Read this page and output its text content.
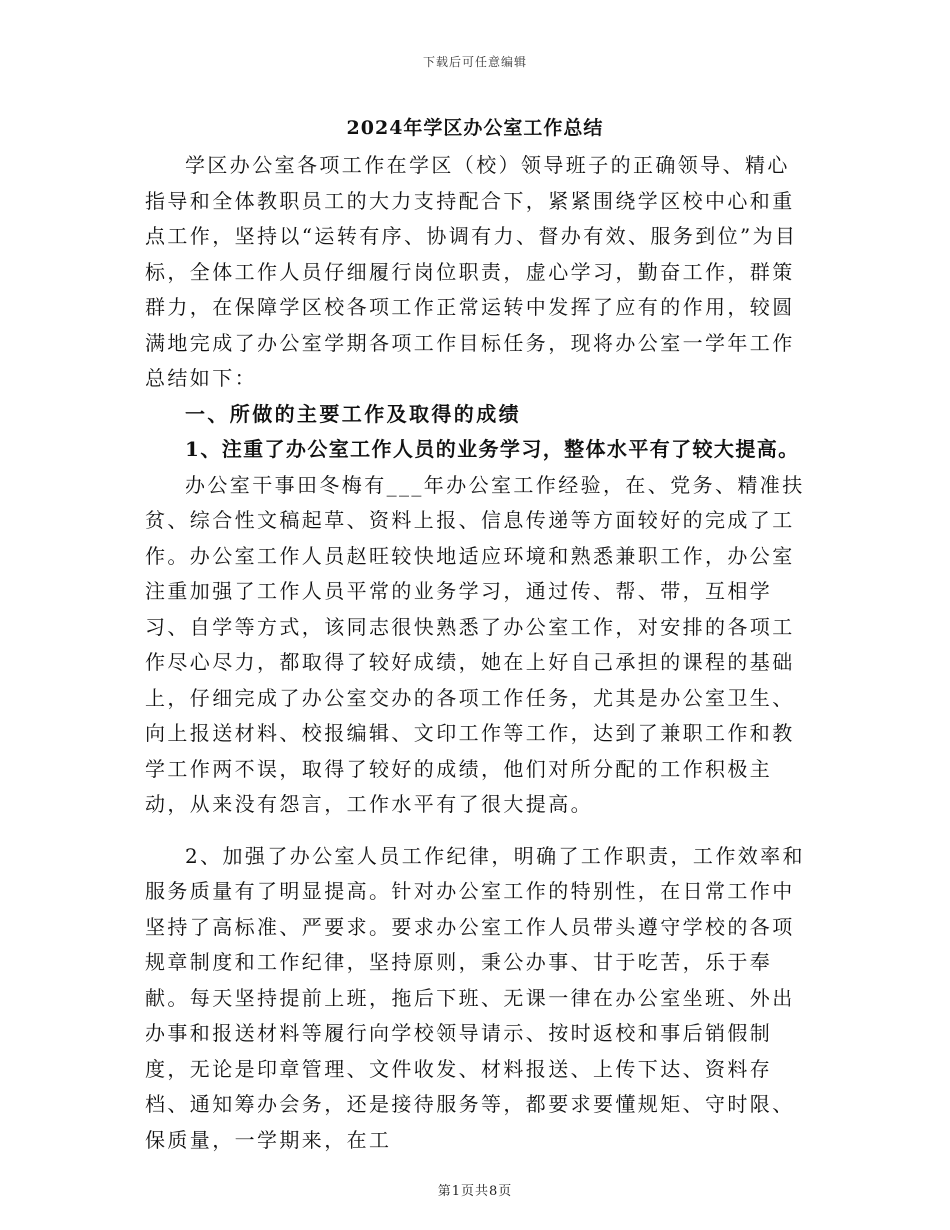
下载后可任意编辑
2024年学区办公室工作总结

学区办公室各项工作在学区（校）领导班子的正确领导、精心指导和全体教职员工的大力支持配合下，紧紧围绕学区校中心和重点工作，坚持以“运转有序、协调有力、督办有效、服务到位”为目标，全体工作人员仔细履行岗位职责，虚心学习，勤奋工作，群策群力，在保障学区校各项工作正常运转中发挥了应有的作用，较圆满地完成了办公室学期各项工作目标任务，现将办公室一学年工作总结如下：

一、所做的主要工作及取得的成绩

1、注重了办公室工作人员的业务学习，整体水平有了较大提高。

办公室干事田冬梅有___年办公室工作经验，在、党务、精准扶贫、综合性文稿起草、资料上报、信息传递等方面较好的完成了工作。办公室工作人员赵旺较快地适应环境和熟悉兼职工作，办公室注重加强了工作人员平常的业务学习，通过传、帮、带，互相学习、自学等方式，该同志很快熟悉了办公室工作，对安排的各项工作尽心尽力，都取得了较好成绩，她在上好自己承担的课程的基础上，仔细完成了办公室交办的各项工作任务，尤其是办公室卫生、向上报送材料、校报编辑、文印工作等工作，达到了兼职工作和教学工作两不误，取得了较好的成绩，他们对所分配的工作积极主动，从来没有怨言，工作水平有了很大提高。

2、加强了办公室人员工作纪律，明确了工作职责，工作效率和服务质量有了明显提高。针对办公室工作的特别性，在日常工作中坚持了高标准、严要求。要求办公室工作人员带头遵守学校的各项规章制度和工作纪律，坚持原则，秉公办事、甘于吃苦，乐于奉献。每天坚持提前上班，拖后下班、无课一律在办公室坐班、外出办事和报送材料等履行向学校领导请示、按时返校和事后销假制度，无论是印章管理、文件收发、材料报送、上传下达、资料存档、通知筹办会务，还是接待服务等，都要求要懂规矩、守时限、保质量，一学期来，在工

第1页共8页
